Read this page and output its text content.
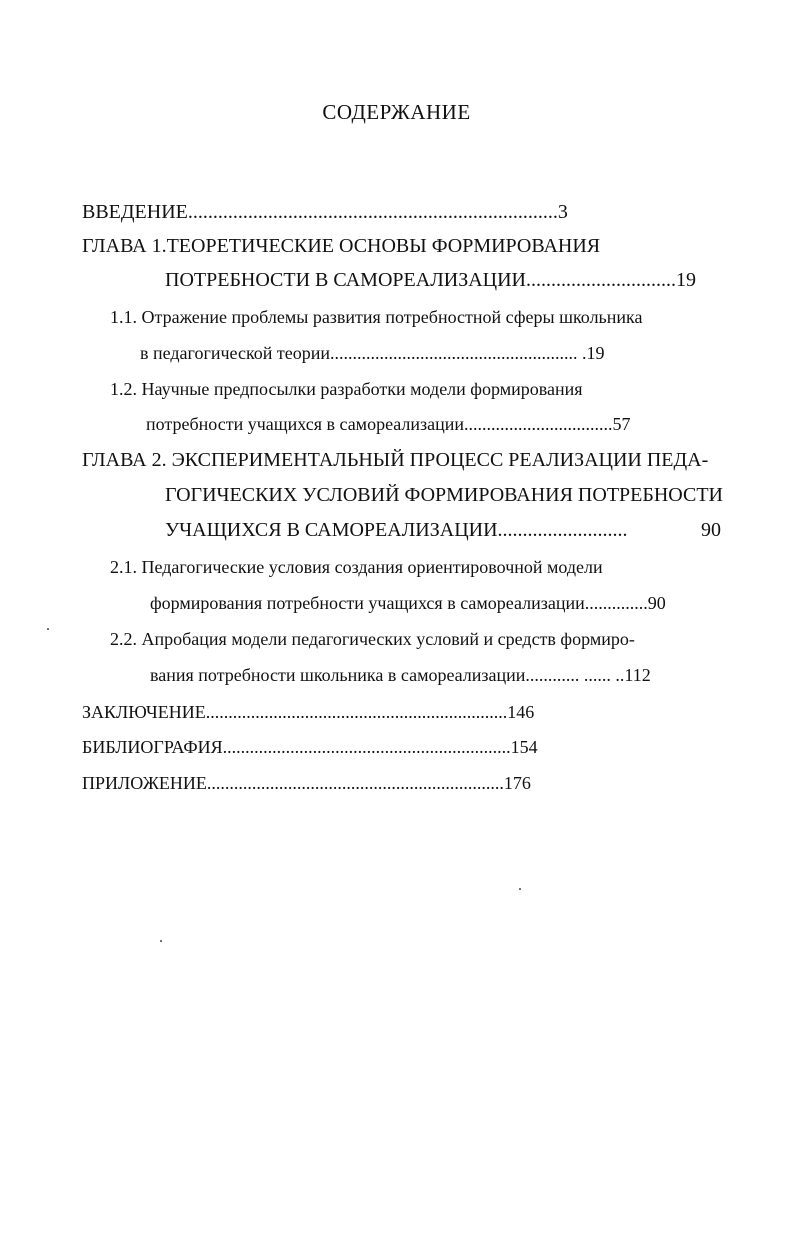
СОДЕРЖАНИЕ
ВВЕДЕНИЕ..........................................................................3
ГЛАВА 1.ТЕОРЕТИЧЕСКИЕ ОСНОВЫ ФОРМИРОВАНИЯ
ПОТРЕБНОСТИ В САМОРЕАЛИЗАЦИИ..............................19
1.1. Отражение проблемы развития потребностной сферы школьника
в педагогической теории....................................................... .19
1.2. Научные предпосылки разработки модели формирования
потребности учащихся в самореализации.................................57
ГЛАВА 2. ЭКСПЕРИМЕНТАЛЬНЫЙ ПРОЦЕСС РЕАЛИЗАЦИИ ПЕДА-
ГОГИЧЕСКИХ УСЛОВИЙ ФОРМИРОВАНИЯ ПОТРЕБНОСТИ
УЧАЩИХСЯ В САМОРЕАЛИЗАЦИИ..........................	90
2.1. Педагогические условия создания ориентировочной модели
формирования потребности учащихся в самореализации..............90
2.2. Апробация модели педагогических условий и средств формиро-
вания потребности школьника в самореализации............ ...... ..112
ЗАКЛЮЧЕНИЕ...................................................................146
БИБЛИОГРАФИЯ................................................................154
ПРИЛОЖЕНИЕ..................................................................176
